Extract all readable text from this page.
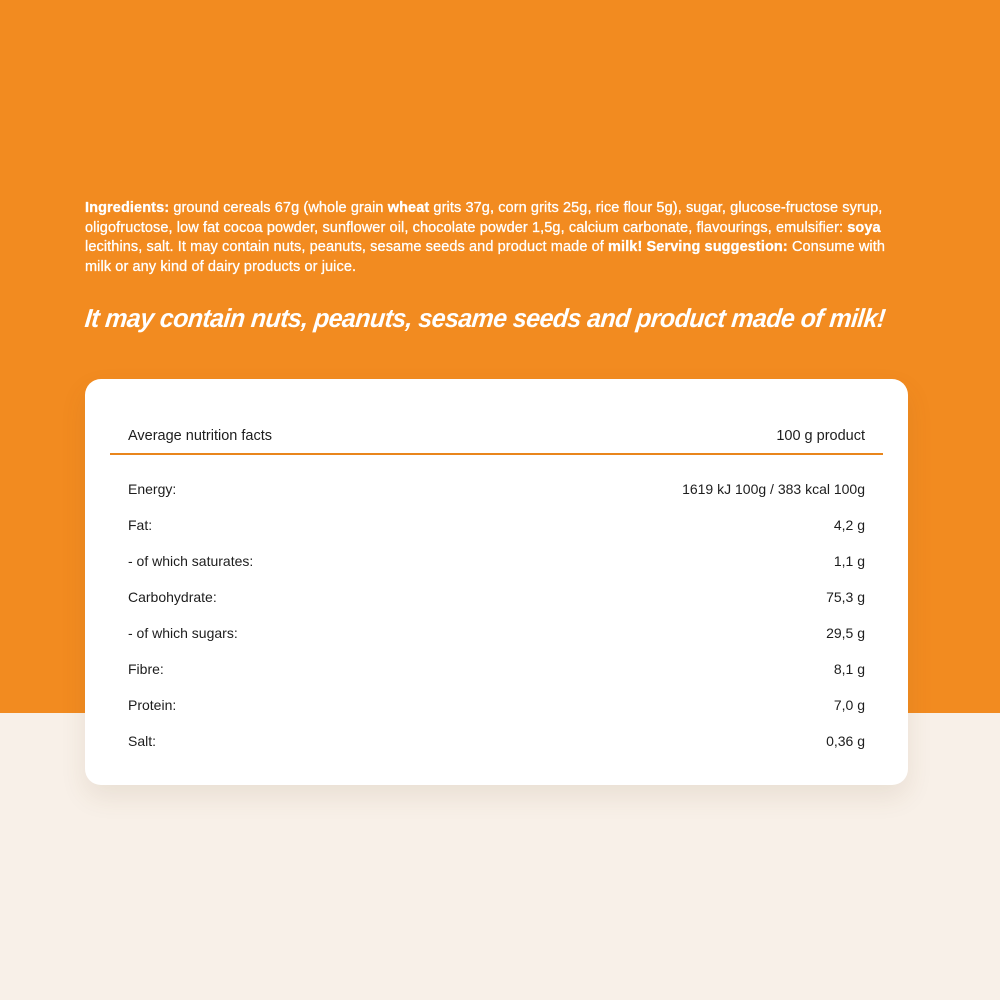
Ingredients: ground cereals 67g (whole grain wheat grits 37g, corn grits 25g, rice flour 5g), sugar, glucose-fructose syrup, oligofructose, low fat cocoa powder, sunflower oil, chocolate powder 1,5g, calcium carbonate, flavourings, emulsifier: soya lecithins, salt. It may contain nuts, peanuts, sesame seeds and product made of milk! Serving suggestion: Consume with milk or any kind of dairy products or juice.

It may contain nuts, peanuts, sesame seeds and product made of milk!
Average nutrition facts	100 g product
Energy:	1619 kJ 100g / 383 kcal 100g
Fat:	4,2 g
- of which saturates:	1,1 g
Carbohydrate:	75,3 g
- of which sugars:	29,5 g
Fibre:	8,1 g
Protein:	7,0 g
Salt:	0,36 g
